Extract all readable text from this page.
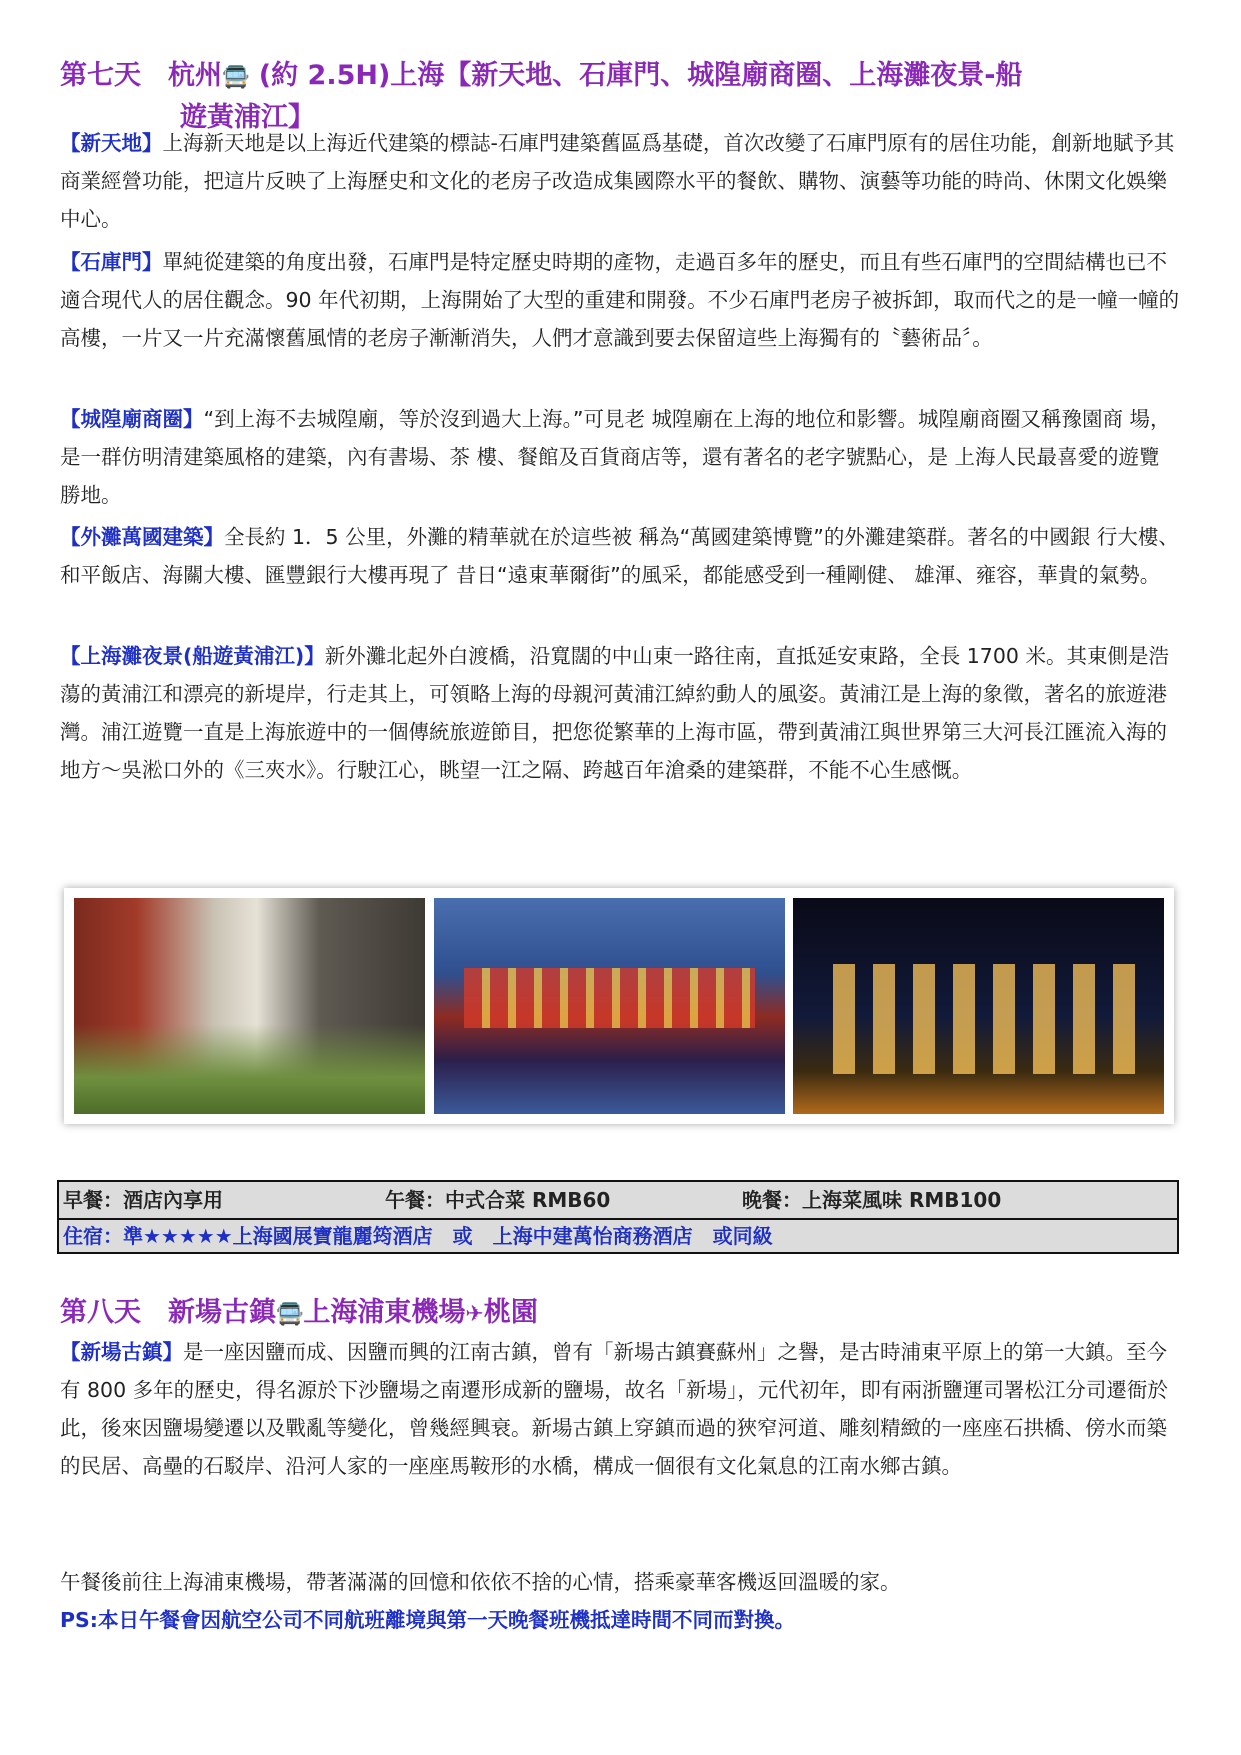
第七天　杭州🚍 (約 2.5H)上海【新天地、石庫門、城隍廟商圈、上海灘夜景-船
遊黃浦江】

【新天地】上海新天地是以上海近代建築的標誌-石庫門建築舊區爲基礎，首次改變了石庫門原有的居住功能，創新地賦予其商業經營功能，把這片反映了上海歷史和文化的老房子改造成集國際水平的餐飲、購物、演藝等功能的時尚、休閑文化娛樂中心。

【石庫門】單純從建築的角度出發，石庫門是特定歷史時期的產物，走過百多年的歷史，而且有些石庫門的空間結構也已不適合現代人的居住觀念。90 年代初期，上海開始了大型的重建和開發。不少石庫門老房子被拆卸，取而代之的是一幢一幢的高樓，一片又一片充滿懷舊風情的老房子漸漸消失，人們才意識到要去保留這些上海獨有的〝藝術品〞。

【城隍廟商圈】“到上海不去城隍廟，等於沒到過大上海。”可見老 城隍廟在上海的地位和影響。城隍廟商圈又稱豫園商 場，是一群仿明清建築風格的建築，內有書場、茶 樓、餐館及百貨商店等，還有著名的老字號點心，是 上海人民最喜愛的遊覽勝地。

【外灘萬國建築】全長約 1．5 公里，外灘的精華就在於這些被 稱為“萬國建築博覽”的外灘建築群。著名的中國銀 行大樓、和平飯店、海關大樓、匯豐銀行大樓再現了 昔日“遠東華爾街”的風采，都能感受到一種剛健、 雄渾、雍容，華貴的氣勢。

【上海灘夜景(船遊黃浦江)】新外灘北起外白渡橋，沿寬闊的中山東一路往南，直抵延安東路，全長 1700 米。其東側是浩蕩的黃浦江和漂亮的新堤岸，行走其上，可領略上海的母親河黃浦江綽約動人的風姿。黃浦江是上海的象徵，著名的旅遊港灣。浦江遊覽一直是上海旅遊中的一個傳統旅遊節目，把您從繁華的上海市區，帶到黃浦江與世界第三大河長江匯流入海的地方～吳淞口外的《三夾水》。行駛江心，眺望一江之隔、跨越百年滄桑的建築群，不能不心生感慨。

早餐：酒店內享用	午餐：中式合菜 RMB60	晚餐：上海菜風味 RMB100
住宿：準★★★★★上海國展寶龍麗筠酒店　或　上海中建萬怡商務酒店　或同級
第八天　新場古鎮🚍上海浦東機場✈桃園

【新場古鎮】是一座因鹽而成、因鹽而興的江南古鎮，曾有「新場古鎮賽蘇州」之譽，是古時浦東平原上的第一大鎮。至今有 800 多年的歷史，得名源於下沙鹽場之南遷形成新的鹽場，故名「新場」，元代初年，即有兩浙鹽運司署松江分司遷衙於此，後來因鹽場變遷以及戰亂等變化，曾幾經興衰。新場古鎮上穿鎮而過的狹窄河道、雕刻精緻的一座座石拱橋、傍水而築的民居、高壘的石駁岸、沿河人家的一座座馬鞍形的水橋，構成一個很有文化氣息的江南水鄉古鎮。

午餐後前往上海浦東機場，帶著滿滿的回憶和依依不捨的心情，搭乘豪華客機返回溫暖的家。

PS:本日午餐會因航空公司不同航班離境與第一天晚餐班機抵達時間不同而對換。
